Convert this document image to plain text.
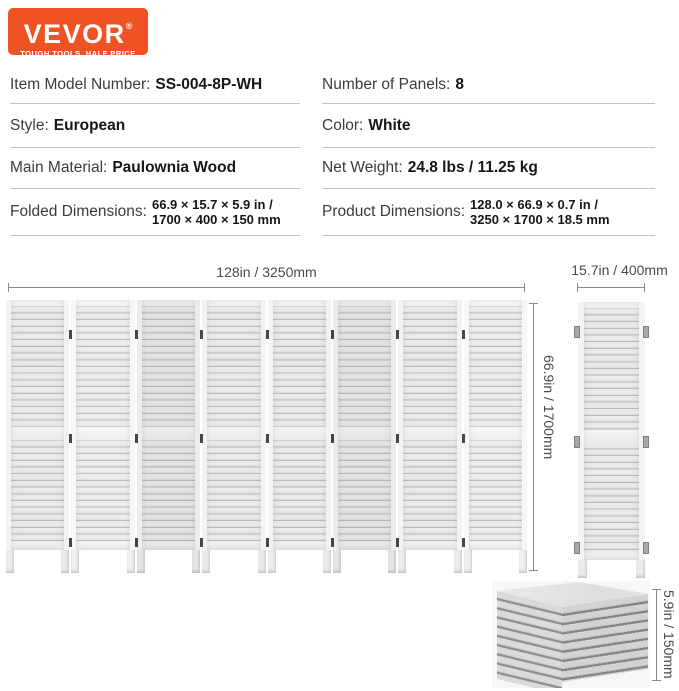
VEVOR®
TOUGH TOOLS, HALF PRICE
Item Model Number: SS-004-8P-WH
Style: European
Main Material: Paulownia Wood
Folded Dimensions: 66.9 × 15.7 × 5.9 in /
1700 × 400 × 150 mm
Number of Panels: 8
Color: White
Net Weight: 24.8 lbs / 11.25 kg
Product Dimensions: 128.0 × 66.9 × 0.7 in /
3250 × 1700 × 18.5 mm
128in / 3250mm	15.7in / 400mm
66.9in / 1700mm
5.9in / 150mm
